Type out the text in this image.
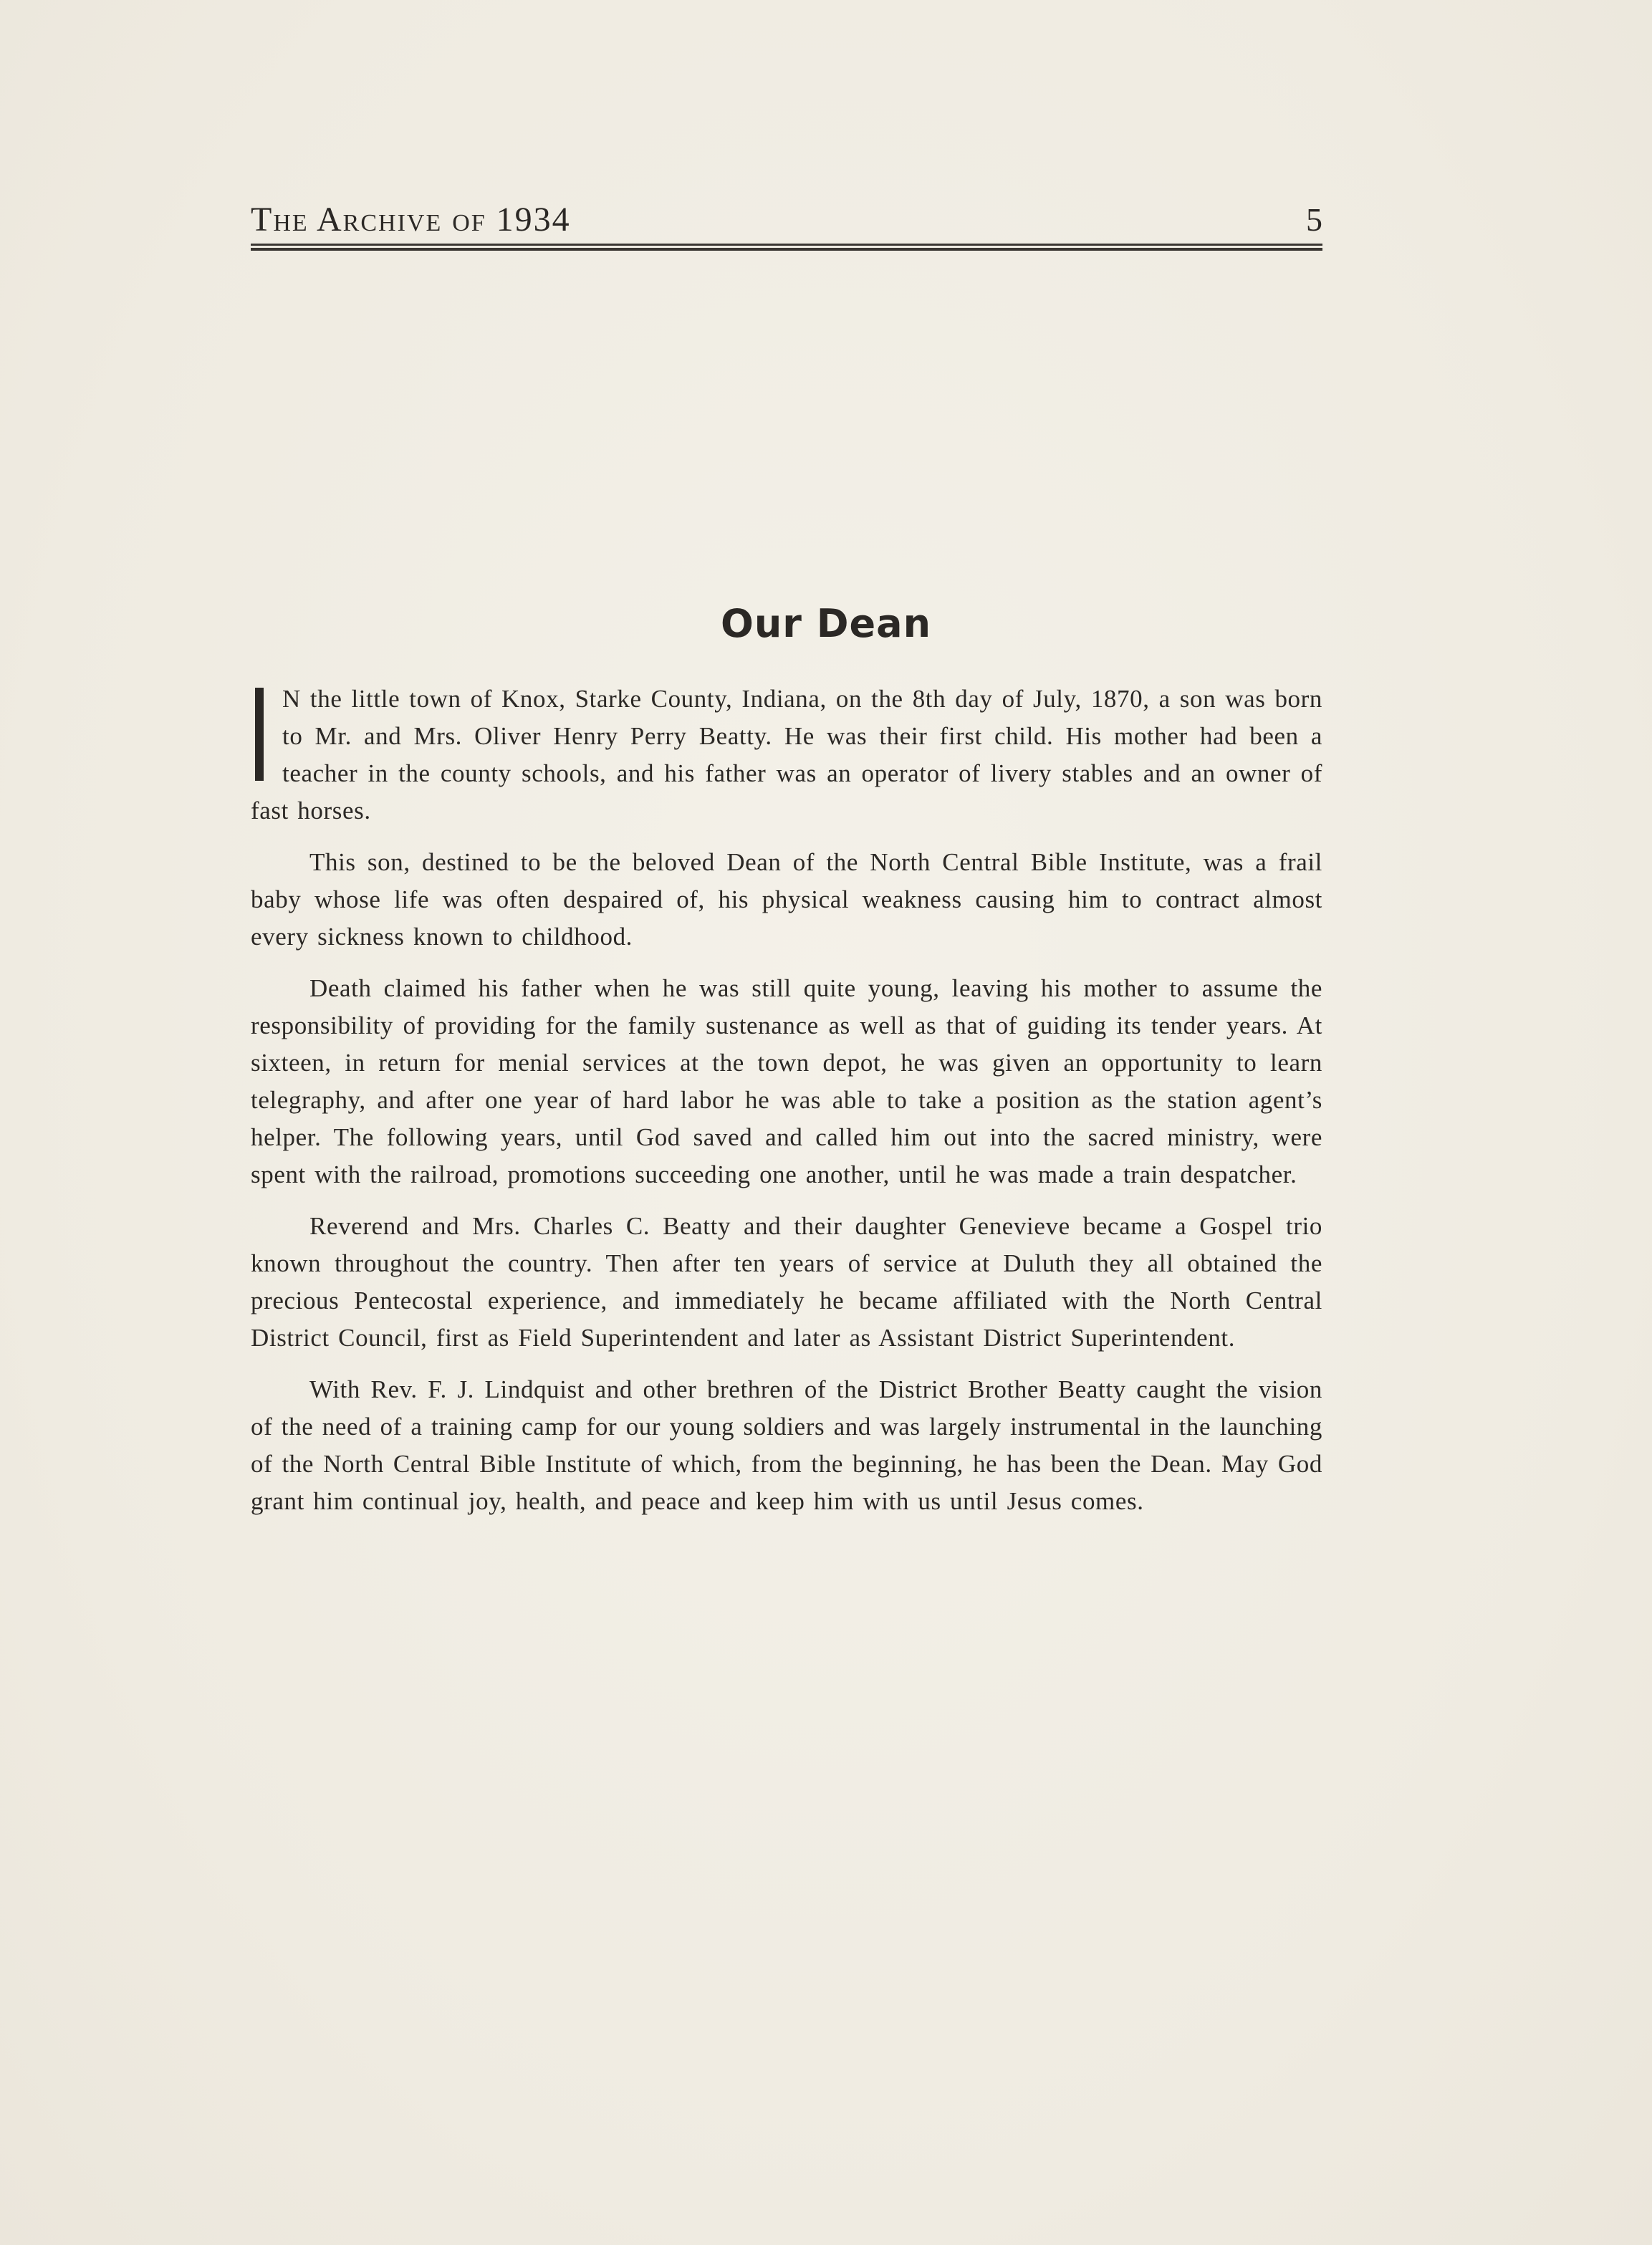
The Archive of 1934	5
Our Dean

N the little town of Knox, Starke County, Indiana, on the 8th day of July, 1870, a son was born to Mr. and Mrs. Oliver Henry Perry Beatty. He was their first child. His mother had been a teacher in the county schools, and his father was an operator of livery stables and an owner of fast horses.

This son, destined to be the beloved Dean of the North Central Bible Institute, was a frail baby whose life was often despaired of, his physical weakness causing him to contract almost every sickness known to childhood.

Death claimed his father when he was still quite young, leaving his mother to assume the responsibility of providing for the family sustenance as well as that of guiding its tender years. At sixteen, in return for menial services at the town depot, he was given an opportunity to learn telegraphy, and after one year of hard labor he was able to take a position as the station agent’s helper. The following years, until God saved and called him out into the sacred ministry, were spent with the railroad, promotions succeeding one another, until he was made a train despatcher.

Reverend and Mrs. Charles C. Beatty and their daughter Genevieve became a Gospel trio known throughout the country. Then after ten years of service at Duluth they all obtained the precious Pentecostal experience, and immediately he became affiliated with the North Central District Council, first as Field Superintendent and later as Assistant District Superintendent.

With Rev. F. J. Lindquist and other brethren of the District Brother Beatty caught the vision of the need of a training camp for our young soldiers and was largely instrumental in the launching of the North Central Bible Institute of which, from the beginning, he has been the Dean. May God grant him continual joy, health, and peace and keep him with us until Jesus comes.
